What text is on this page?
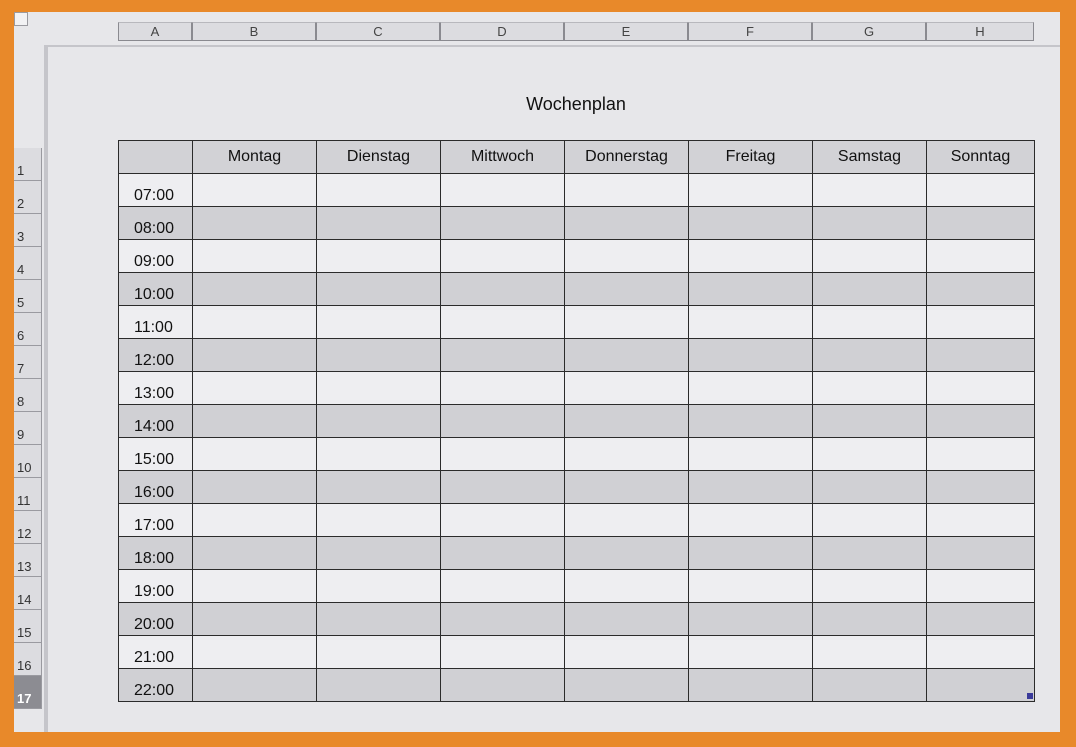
A	B	C	D	E	F	G	H
1
2
3
4
5
6
7
8
9
10
11
12
13
14
15
16
17
Wochenplan
	Montag	Dienstag	Mittwoch	Donnerstag	Freitag	Samstag	Sonntag
07:00							
08:00							
09:00							
10:00							
11:00							
12:00							
13:00							
14:00							
15:00							
16:00							
17:00							
18:00							
19:00							
20:00							
21:00							
22:00							
